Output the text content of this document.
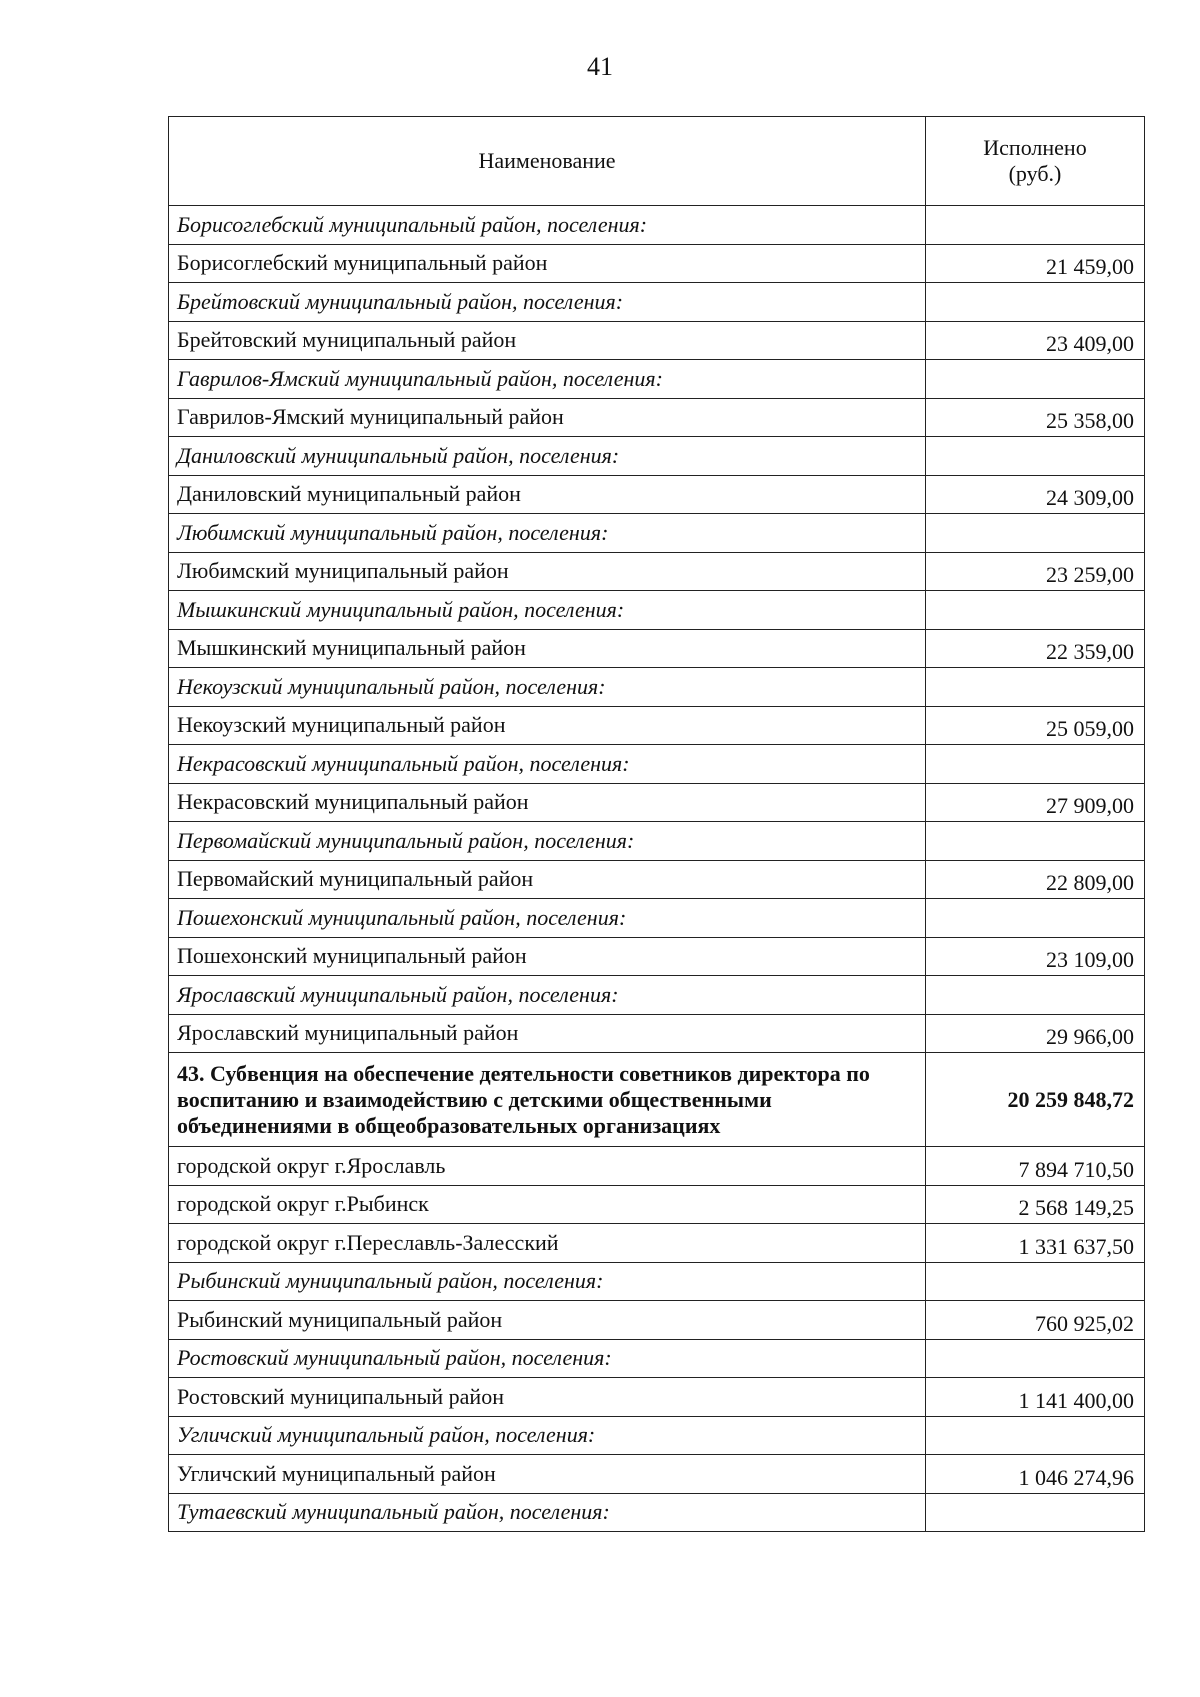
41
Наименование	Исполнено
(руб.)
Борисоглебский муниципальный район, поселения:	
Борисоглебский муниципальный район	21 459,00
Брейтовский муниципальный район, поселения:	
Брейтовский муниципальный район	23 409,00
Гаврилов-Ямский муниципальный район, поселения:	
Гаврилов-Ямский муниципальный район	25 358,00
Даниловский муниципальный район, поселения:	
Даниловский муниципальный район	24 309,00
Любимский муниципальный район, поселения:	
Любимский муниципальный район	23 259,00
Мышкинский муниципальный район, поселения:	
Мышкинский муниципальный район	22 359,00
Некоузский муниципальный район, поселения:	
Некоузский муниципальный район	25 059,00
Некрасовский муниципальный район, поселения:	
Некрасовский муниципальный район	27 909,00
Первомайский муниципальный район, поселения:	
Первомайский муниципальный район	22 809,00
Пошехонский муниципальный район, поселения:	
Пошехонский муниципальный район	23 109,00
Ярославский муниципальный район, поселения:	
Ярославский муниципальный район	29 966,00
43. Субвенция на обеспечение деятельности советников директора по воспитанию и взаимодействию с детскими общественными объединениями в общеобразовательных организациях	20 259 848,72
городской округ г.Ярославль	7 894 710,50
городской округ г.Рыбинск	2 568 149,25
городской округ г.Переславль-Залесский	1 331 637,50
Рыбинский муниципальный район, поселения:	
Рыбинский муниципальный район	760 925,02
Ростовский муниципальный район, поселения:	
Ростовский муниципальный район	1 141 400,00
Угличский муниципальный район, поселения:	
Угличский муниципальный район	1 046 274,96
Тутаевский муниципальный район, поселения:	
